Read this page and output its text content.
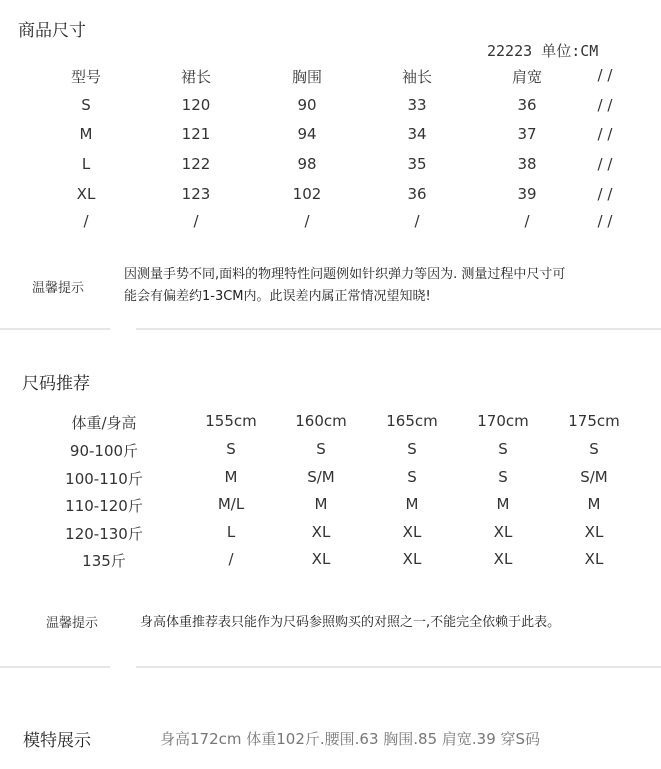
商品尺寸
22223 单位:CM
型号	裙长	胸围	袖长	肩宽	/ /
S	120	90	33	36	/ /
M	121	94	34	37	/ /
L	122	98	35	38	/ /
XL	123	102	36	39	/ /
/	/	/	/	/	/ /
温馨提示
因测量手势不同,面料的物理特性问题例如针织弹力等因为. 测量过程中尺寸可
能会有偏差约1-3CM内。此误差内属正常情况望知晓!
尺码推荐
体重/身高	155cm	160cm	165cm	170cm	175cm
90-100斤	S	S	S	S	S
100-110斤	M	S/M	S	S	S/M
110-120斤	M/L	M	M	M	M
120-130斤	L	XL	XL	XL	XL
135斤	/	XL	XL	XL	XL
温馨提示	身高体重推荐表只能作为尺码参照购买的对照之一,不能完全依赖于此表。
模特展示	身高172cm 体重102斤.腰围.63 胸围.85 肩宽.39 穿S码
